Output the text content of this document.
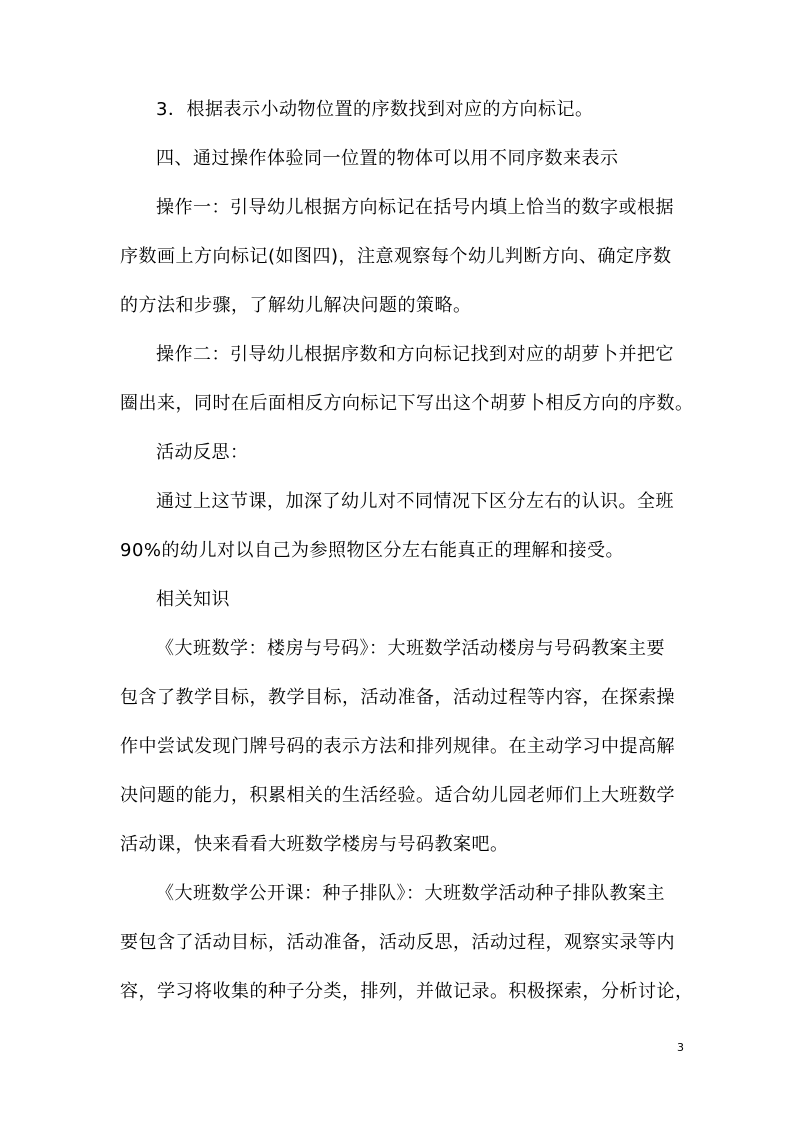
3．根据表示小动物位置的序数找到对应的方向标记。
四、通过操作体验同一位置的物体可以用不同序数来表示
操作一：引导幼儿根据方向标记在括号内填上恰当的数字或根据
序数画上方向标记(如图四)，注意观察每个幼儿判断方向、确定序数
的方法和步骤，了解幼儿解决问题的策略。
操作二：引导幼儿根据序数和方向标记找到对应的胡萝卜并把它
圈出来，同时在后面相反方向标记下写出这个胡萝卜相反方向的序数。
活动反思：
通过上这节课，加深了幼儿对不同情况下区分左右的认识。全班
90%的幼儿对以自己为参照物区分左右能真正的理解和接受。
相关知识
《大班数学：楼房与号码》：大班数学活动楼房与号码教案主要
包含了教学目标，教学目标，活动准备，活动过程等内容，在探索操
作中尝试发现门牌号码的表示方法和排列规律。在主动学习中提高解
决问题的能力，积累相关的生活经验。适合幼儿园老师们上大班数学
活动课，快来看看大班数学楼房与号码教案吧。
《大班数学公开课：种子排队》：大班数学活动种子排队教案主
要包含了活动目标，活动准备，活动反思，活动过程，观察实录等内
容，学习将收集的种子分类，排列，并做记录。积极探索，分析讨论，
3
